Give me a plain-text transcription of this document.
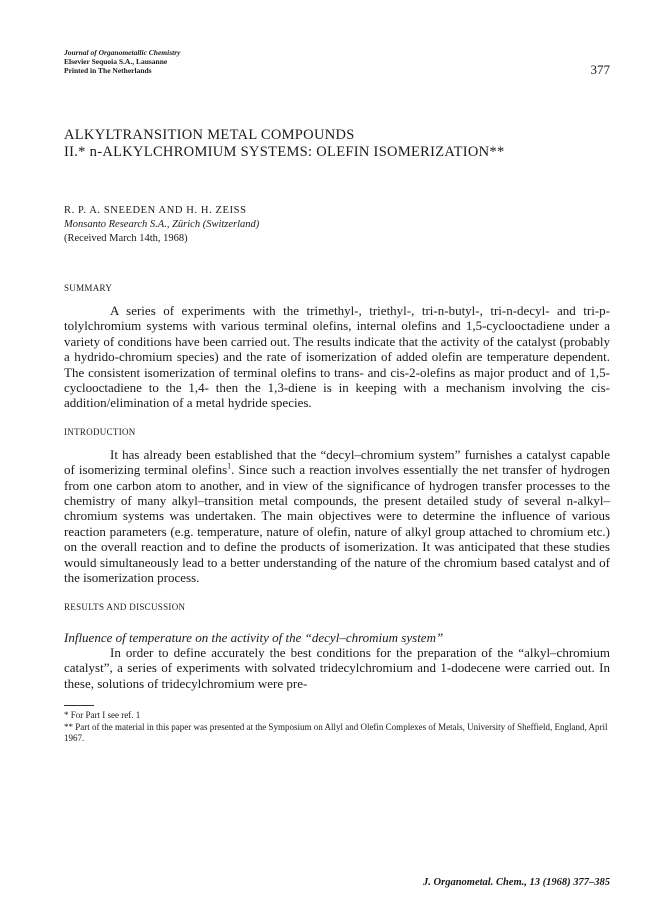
Journal of Organometallic Chemistry
Elsevier Sequoia S.A., Lausanne
Printed in The Netherlands	377
ALKYLTRANSITION METAL COMPOUNDS
II.* n-ALKYLCHROMIUM SYSTEMS: OLEFIN ISOMERIZATION**
R. P. A. SNEEDEN AND H. H. ZEISS
Monsanto Research S.A., Zürich (Switzerland)
(Received March 14th, 1968)
SUMMARY

A series of experiments with the trimethyl-, triethyl-, tri-n-butyl-, tri-n-decyl- and tri-p-tolylchromium systems with various terminal olefins, internal olefins and 1,5-cyclooctadiene under a variety of conditions have been carried out. The results indicate that the activity of the catalyst (probably a hydrido-chromium species) and the rate of isomerization of added olefin are temperature dependent. The consistent isomerization of terminal olefins to trans- and cis-2-olefins as major product and of 1,5-cyclooctadiene to the 1,4- then the 1,3-diene is in keeping with a mechanism involving the cis-addition/elimination of a metal hydride species.

INTRODUCTION

It has already been established that the “decyl–chromium system” furnishes a catalyst capable of isomerizing terminal olefins$^1$. Since such a reaction involves essentially the net transfer of hydrogen from one carbon atom to another, and in view of the significance of hydrogen transfer processes to the chemistry of many alkyl–transition metal compounds, the present detailed study of several n-alkyl–chromium systems was undertaken. The main objectives were to determine the influence of various reaction parameters (e.g. temperature, nature of olefin, nature of alkyl group attached to chromium etc.) on the overall reaction and to define the products of isomerization. It was anticipated that these studies would simultaneously lead to a better understanding of the nature of the chromium based catalyst and of the isomerization process.

RESULTS AND DISCUSSION
Influence of temperature on the activity of the “decyl–chromium system”

In order to define accurately the best conditions for the preparation of the “alkyl–chromium catalyst”, a series of experiments with solvated tridecylchromium and 1-dodecene were carried out. In these, solutions of tridecylchromium were pre-

* For Part I see ref. 1
** Part of the material in this paper was presented at the Symposium on Allyl and Olefin Complexes of Metals, University of Sheffield, England, April 1967.
J. Organometal. Chem., 13 (1968) 377–385
